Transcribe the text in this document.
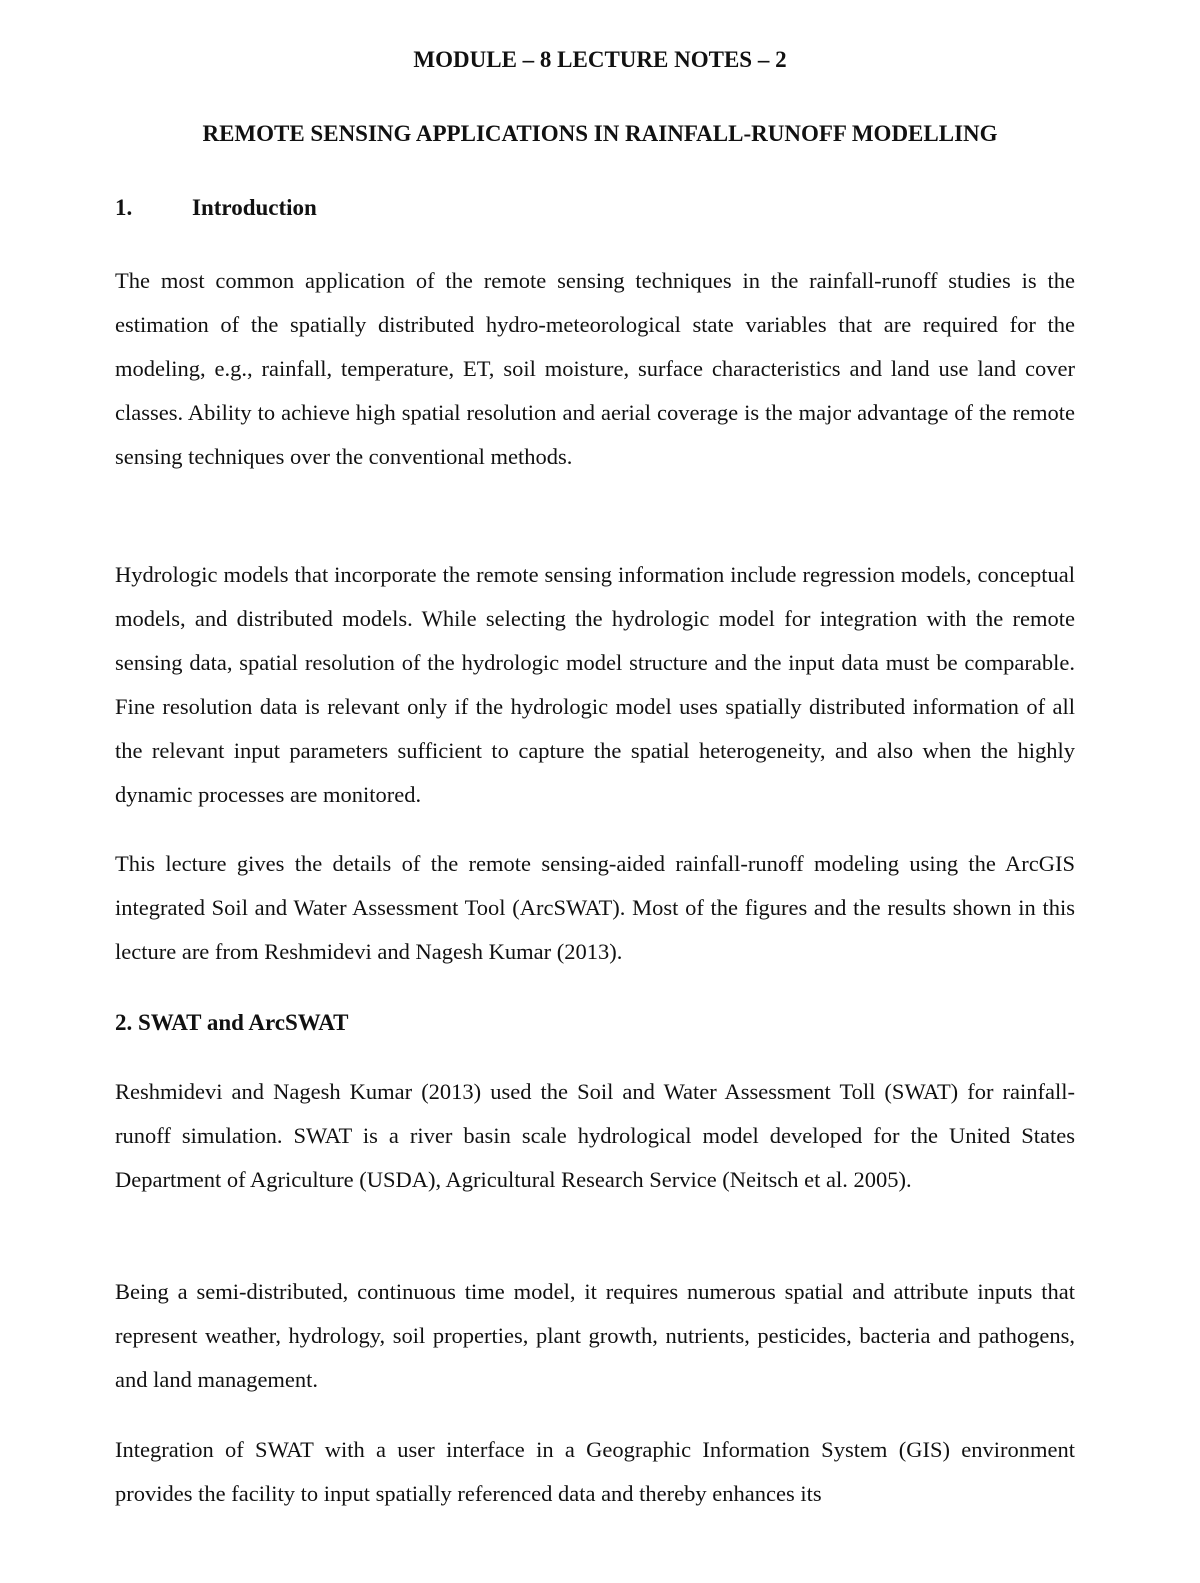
MODULE – 8 LECTURE NOTES – 2
REMOTE SENSING APPLICATIONS IN RAINFALL-RUNOFF MODELLING
1.	Introduction

The most common application of the remote sensing techniques in the rainfall-runoff studies is the estimation of the spatially distributed hydro-meteorological state variables that are required for the modeling, e.g., rainfall, temperature, ET, soil moisture, surface characteristics and land use land cover classes. Ability to achieve high spatial resolution and aerial coverage is the major advantage of the remote sensing techniques over the conventional methods.

Hydrologic models that incorporate the remote sensing information include regression models, conceptual models, and distributed models. While selecting the hydrologic model for integration with the remote sensing data, spatial resolution of the hydrologic model structure and the input data must be comparable. Fine resolution data is relevant only if the hydrologic model uses spatially distributed information of all the relevant input parameters sufficient to capture the spatial heterogeneity, and also when the highly dynamic processes are monitored.

This lecture gives the details of the remote sensing-aided rainfall-runoff modeling using the ArcGIS integrated Soil and Water Assessment Tool (ArcSWAT). Most of the figures and the results shown in this lecture are from Reshmidevi and Nagesh Kumar (2013).

2. SWAT and ArcSWAT

Reshmidevi and Nagesh Kumar (2013) used the Soil and Water Assessment Toll (SWAT) for rainfall-runoff simulation. SWAT is a river basin scale hydrological model developed for the United States Department of Agriculture (USDA), Agricultural Research Service (Neitsch et al. 2005).

Being a semi-distributed, continuous time model, it requires numerous spatial and attribute inputs that represent weather, hydrology, soil properties, plant growth, nutrients, pesticides, bacteria and pathogens, and land management.

Integration of SWAT with a user interface in a Geographic Information System (GIS) environment provides the facility to input spatially referenced data and thereby enhances its
